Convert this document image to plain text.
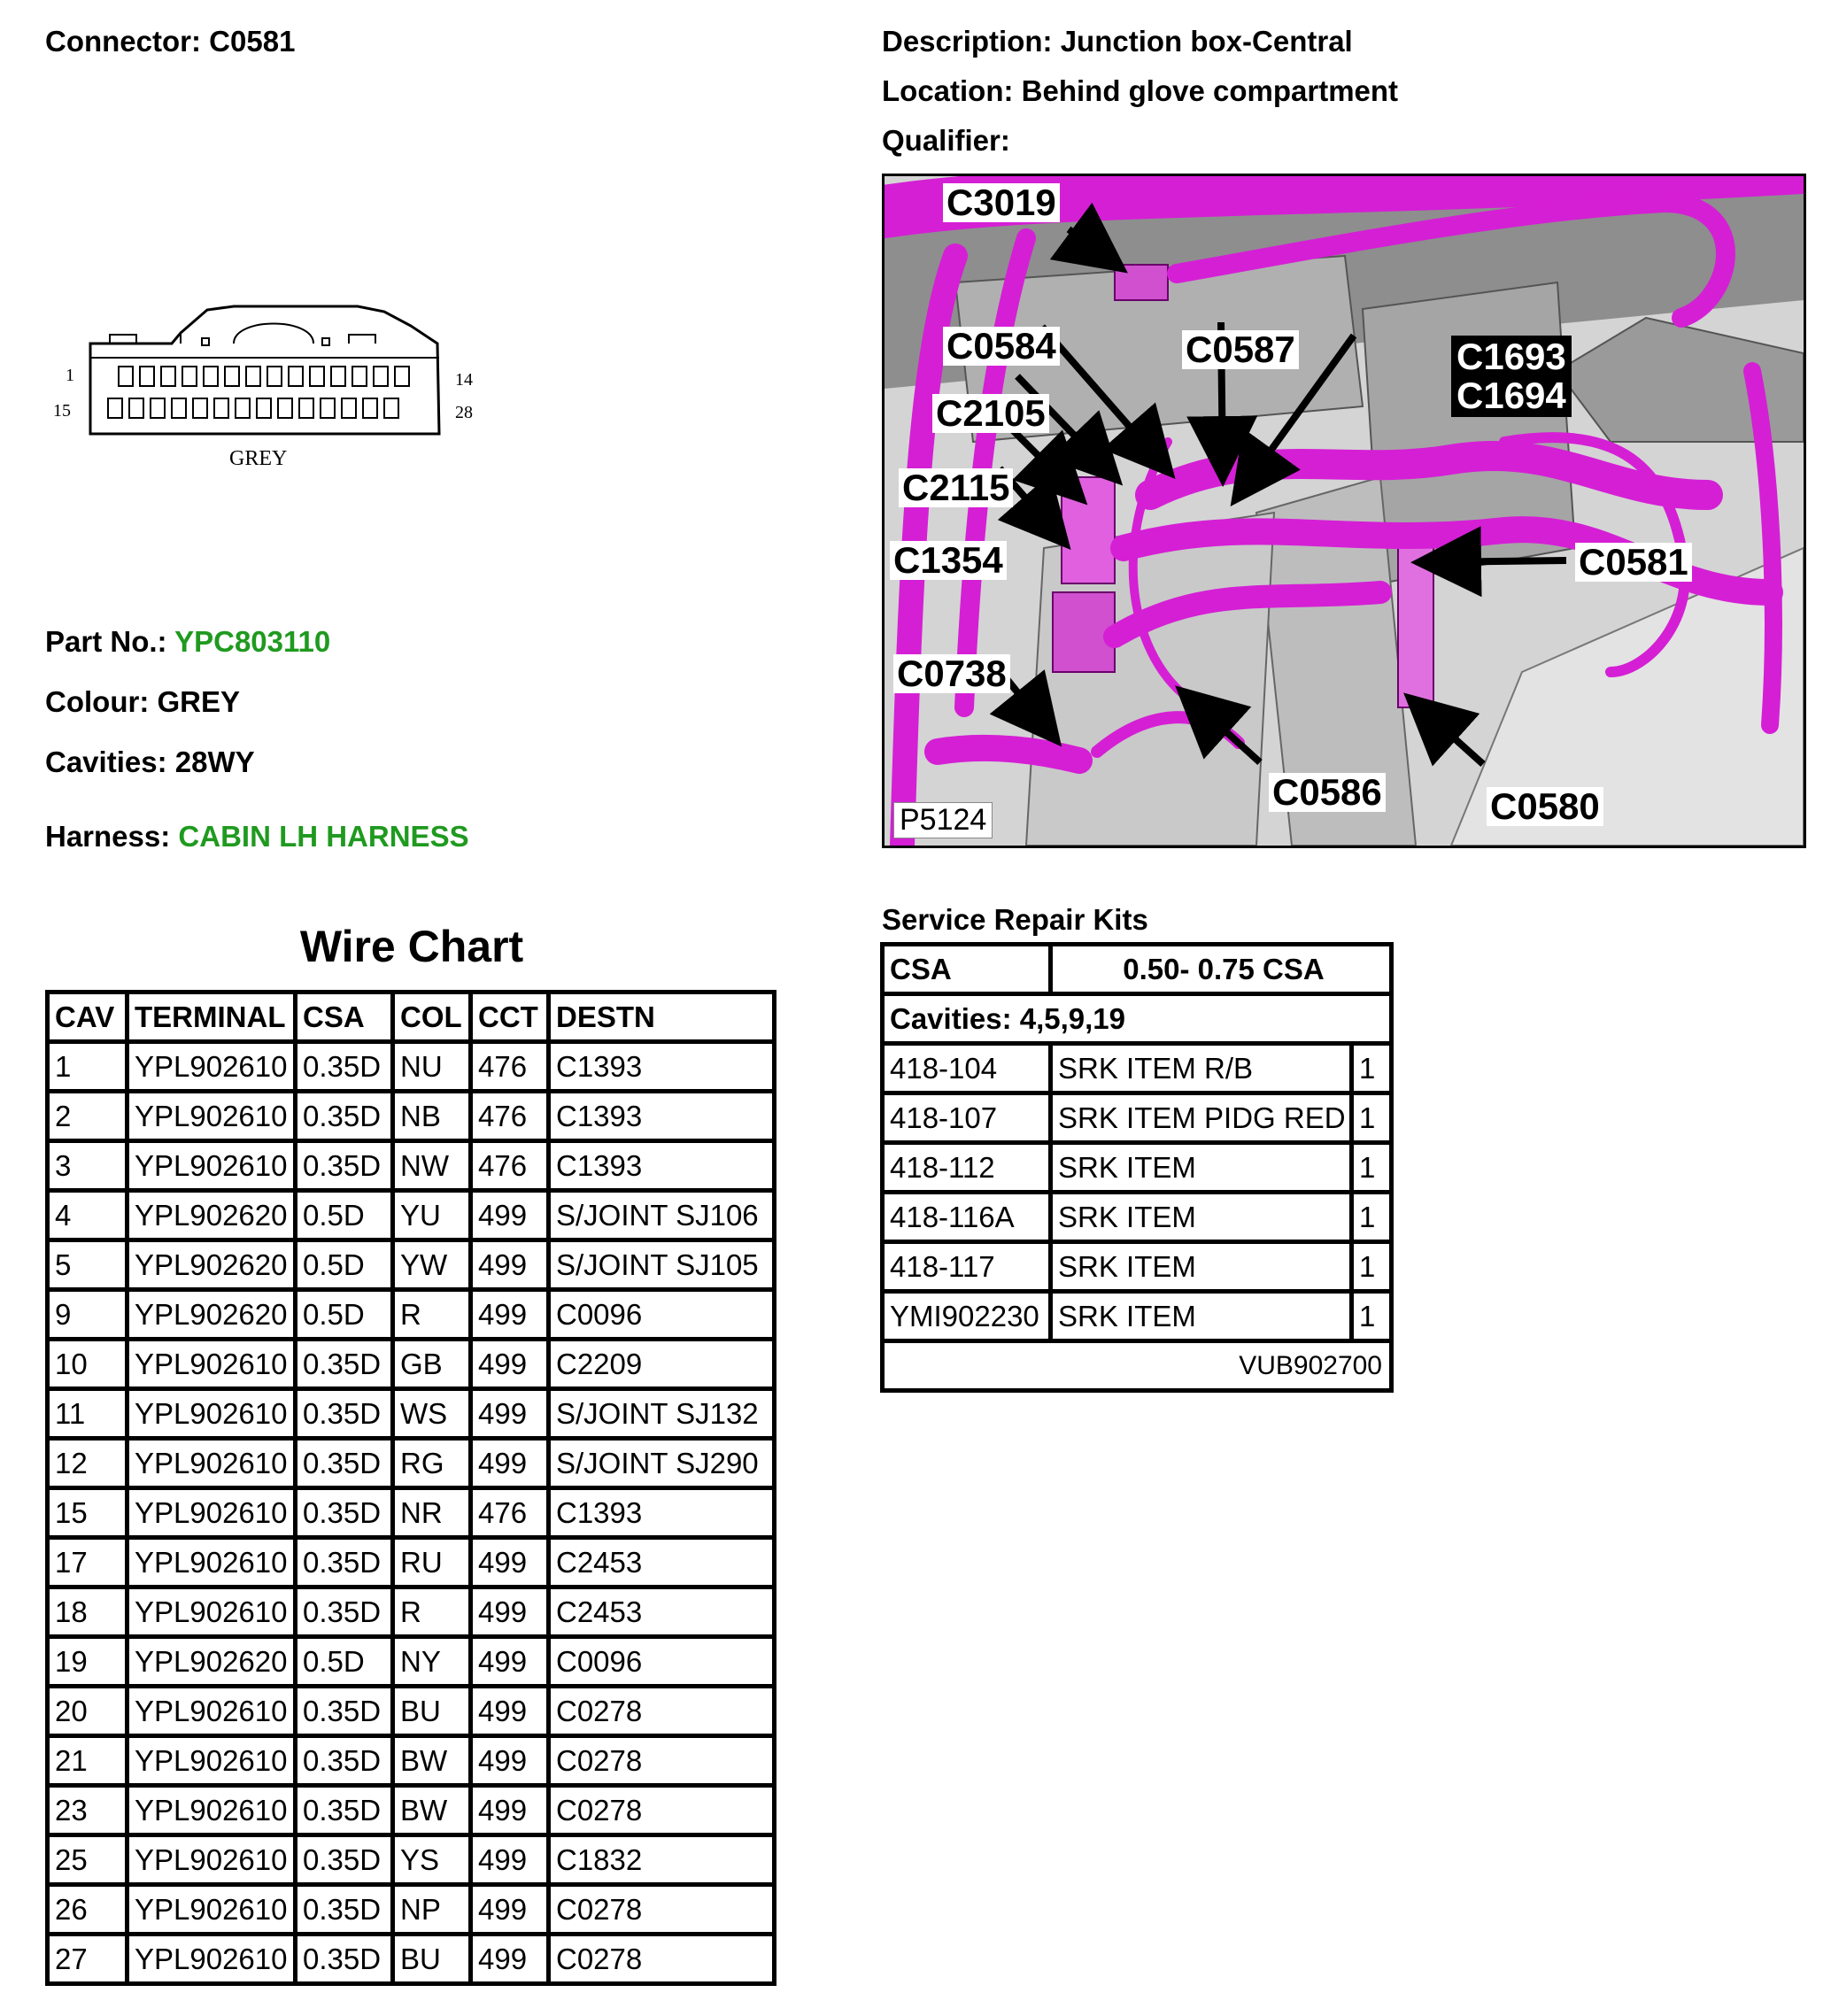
Connector: C0581	Description: Junction box-Central
Location: Behind glove compartment
Qualifier:
1	14
15	28
GREY
Part No.: YPC803110
Colour: GREY
Cavities: 28WY
Harness: CABIN LH HARNESS
C3019
C0584	C0587	C1693
C1694
C2105
C2115
C1354	C0581
C0738
C0586	C0580
P5124
Wire Chart
CAV	TERMINAL	CSA	COL	CCT	DESTN
1	YPL902610	0.35D	NU	476	C1393
2	YPL902610	0.35D	NB	476	C1393
3	YPL902610	0.35D	NW	476	C1393
4	YPL902620	0.5D	YU	499	S/JOINT SJ106
5	YPL902620	0.5D	YW	499	S/JOINT SJ105
9	YPL902620	0.5D	R	499	C0096
10	YPL902610	0.35D	GB	499	C2209
11	YPL902610	0.35D	WS	499	S/JOINT SJ132
12	YPL902610	0.35D	RG	499	S/JOINT SJ290
15	YPL902610	0.35D	NR	476	C1393
17	YPL902610	0.35D	RU	499	C2453
18	YPL902610	0.35D	R	499	C2453
19	YPL902620	0.5D	NY	499	C0096
20	YPL902610	0.35D	BU	499	C0278
21	YPL902610	0.35D	BW	499	C0278
23	YPL902610	0.35D	BW	499	C0278
25	YPL902610	0.35D	YS	499	C1832
26	YPL902610	0.35D	NP	499	C0278
27	YPL902610	0.35D	BU	499	C0278
Service Repair Kits
CSA	0.50- 0.75 CSA	
Cavities: 4,5,9,19		
418-104	SRK ITEM R/B	1
418-107	SRK ITEM PIDG RED	1
418-112	SRK ITEM	1
418-116A	SRK ITEM	1
418-117	SRK ITEM	1
YMI902230	SRK ITEM	1
VUB902700		
